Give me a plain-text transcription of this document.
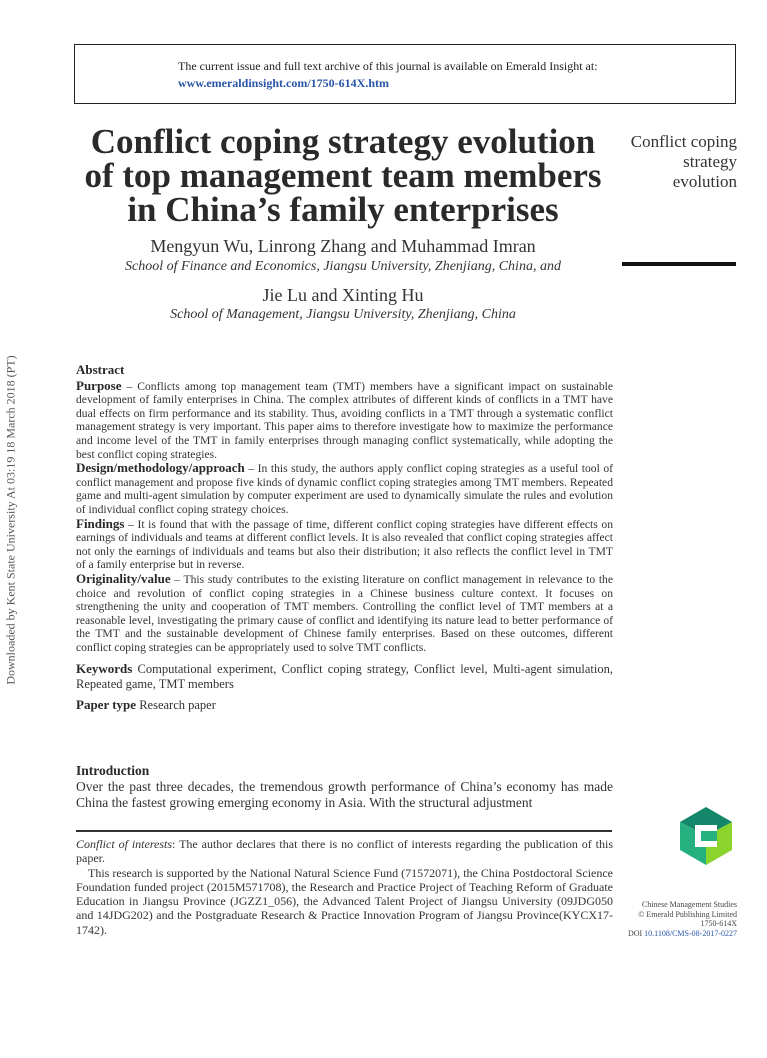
The current issue and full text archive of this journal is available on Emerald Insight at:
www.emeraldinsight.com/1750-614X.htm
Conflict coping strategy evolution
of top management team members
in China’s family enterprises
Conflict coping
strategy
evolution
Mengyun Wu, Linrong Zhang and Muhammad Imran
School of Finance and Economics, Jiangsu University, Zhenjiang, China, and
Jie Lu and Xinting Hu
School of Management, Jiangsu University, Zhenjiang, China
Downloaded by Kent State University At 03:19 18 March 2018 (PT)	Abstract

Purpose – Conflicts among top management team (TMT) members have a significant impact on sustainable development of family enterprises in China. The complex attributes of different kinds of conflicts in a TMT have dual effects on firm performance and its stability. Thus, avoiding conflicts in a TMT through a systematic conflict management strategy is very important. This paper aims to therefore investigate how to maximize the performance and income level of the TMT in family enterprises through managing conflict systematically, while adopting the best conflict coping strategies.

Design/methodology/approach – In this study, the authors apply conflict coping strategies as a useful tool of conflict management and propose five kinds of dynamic conflict coping strategies among TMT members. Repeated game and multi-agent simulation by computer experiment are used to dynamically simulate the rules and evolution of individual conflict coping strategy choices.

Findings – It is found that with the passage of time, different conflict coping strategies have different effects on earnings of individuals and teams at different conflict levels. It is also revealed that conflict coping strategies affect not only the earnings of individuals and teams but also their distribution; it also reflects the conflict level in TMT of a family enterprise but in reverse.

Originality/value – This study contributes to the existing literature on conflict management in relevance to the choice and revolution of conflict coping strategies in a Chinese business culture context. It focuses on strengthening the unity and cooperation of TMT members. Controlling the conflict level of TMT members at a reasonable level, investigating the primary cause of conflict and identifying its nature lead to better performance of the TMT and the sustainable development of Chinese family enterprises. Based on these outcomes, different conflict coping strategies can be appropriately used to solve TMT conflicts.

Keywords Computational experiment, Conflict coping strategy, Conflict level, Multi-agent simulation, Repeated game, TMT members

Paper type Research paper

Introduction
Over the past three decades, the tremendous growth performance of China’s economy has made China the fastest growing emerging economy in Asia. With the structural adjustment

Conflict of interests: The author declares that there is no conflict of interests regarding the publication of this paper.

This research is supported by the National Natural Science Fund (71572071), the China Postdoctoral Science Foundation funded project (2015M571708), the Research and Practice Project of Teaching Reform of Graduate Education in Jiangsu Province (JGZZ1_056), the Advanced Talent Project of Jiangsu University (09JDG050 and 14JDG202) and the Postgraduate Research & Practice Innovation Program of Jiangsu Province(KYCX17-1742).

Chinese Management Studies
© Emerald Publishing Limited
1750-614X
DOI 10.1108/CMS-08-2017-0227
